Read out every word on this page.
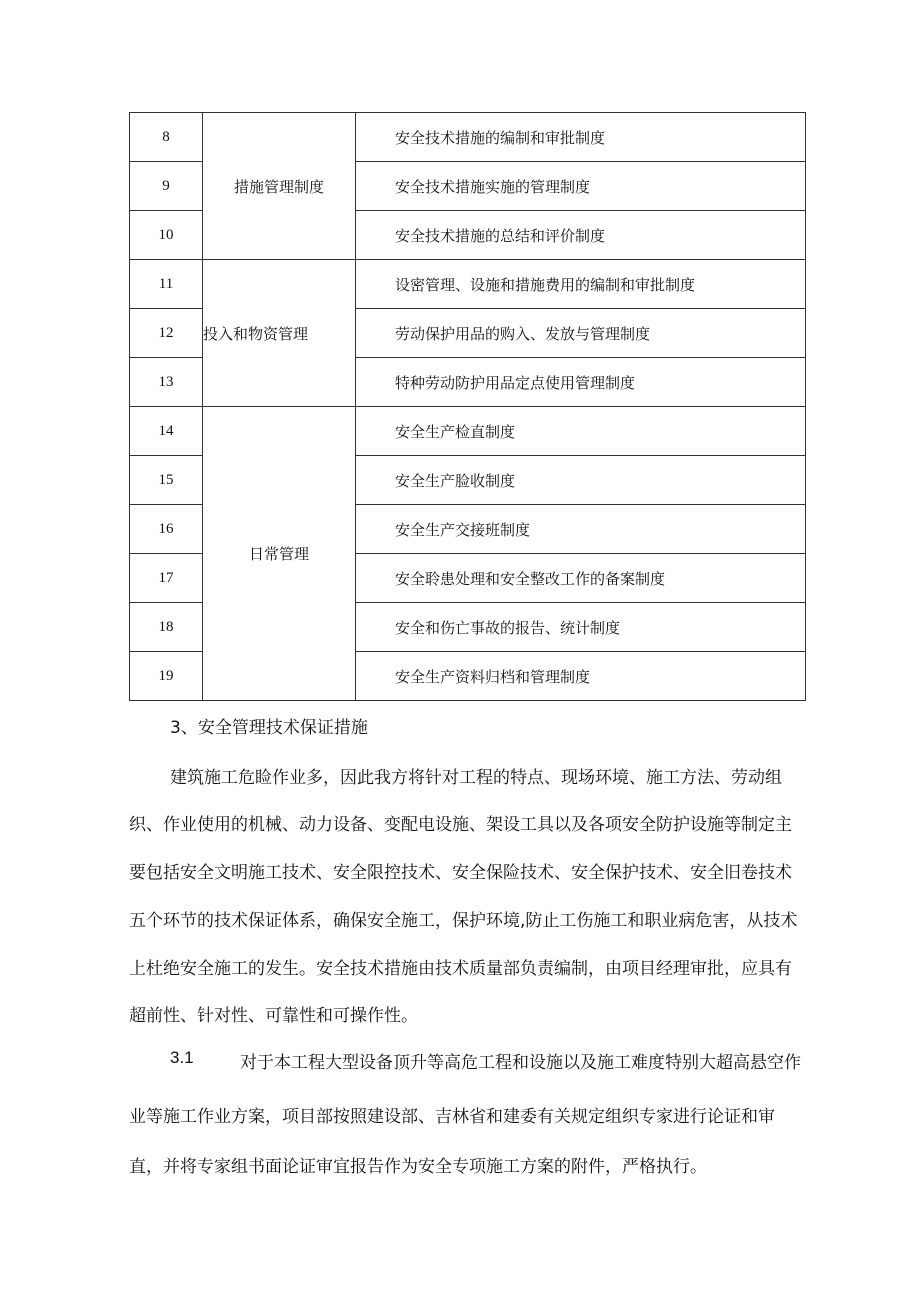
8	措施管理制度	安全技术措施的编制和审批制度
9		安全技术措施实施的管理制度
10		安全技术措施的总结和评价制度
11	投入和物资管理	设密管理、设施和措施费用的编制和审批制度
12		劳动保护用品的购入、发放与管理制度
13		特种劳动防护用品定点使用管理制度
14	日常管理	安全生产检直制度
15		安全生产脸收制度
16		安全生产交接班制度
17		安全聆患处理和安全整改工作的备案制度
18		安全和伤亡事故的报告、统计制度
19		安全生产资料归档和管理制度
3、安全管理技术保证措施
建筑施工危睑作业多，因此我方将针对工程的特点、现场环境、施工方法、劳动组
织、作业使用的机械、动力设备、变配电设施、架设工具以及各项安全防护设施等制定主
要包括安全文明施工技术、安全限控技术、安全保险技术、安全保护技术、安全旧卷技术
五个环节的技术保证体系，确保安全施工，保护环境,防止工伤施工和职业病危害，从技术
上杜绝安全施工的发生。安全技术措施由技术质量部负责编制，由项目经理审批，应具有
超前性、针对性、可靠性和可操作性。
3.1	对于本工程大型设备顶升等高危工程和设施以及施工难度特别大超高悬空作
业等施工作业方案，项目部按照建设部、吉林省和建委有关规定组织专家进行论证和审
直，并将专家组书面论证审宜报告作为安全专项施工方案的附件，严格执行。
